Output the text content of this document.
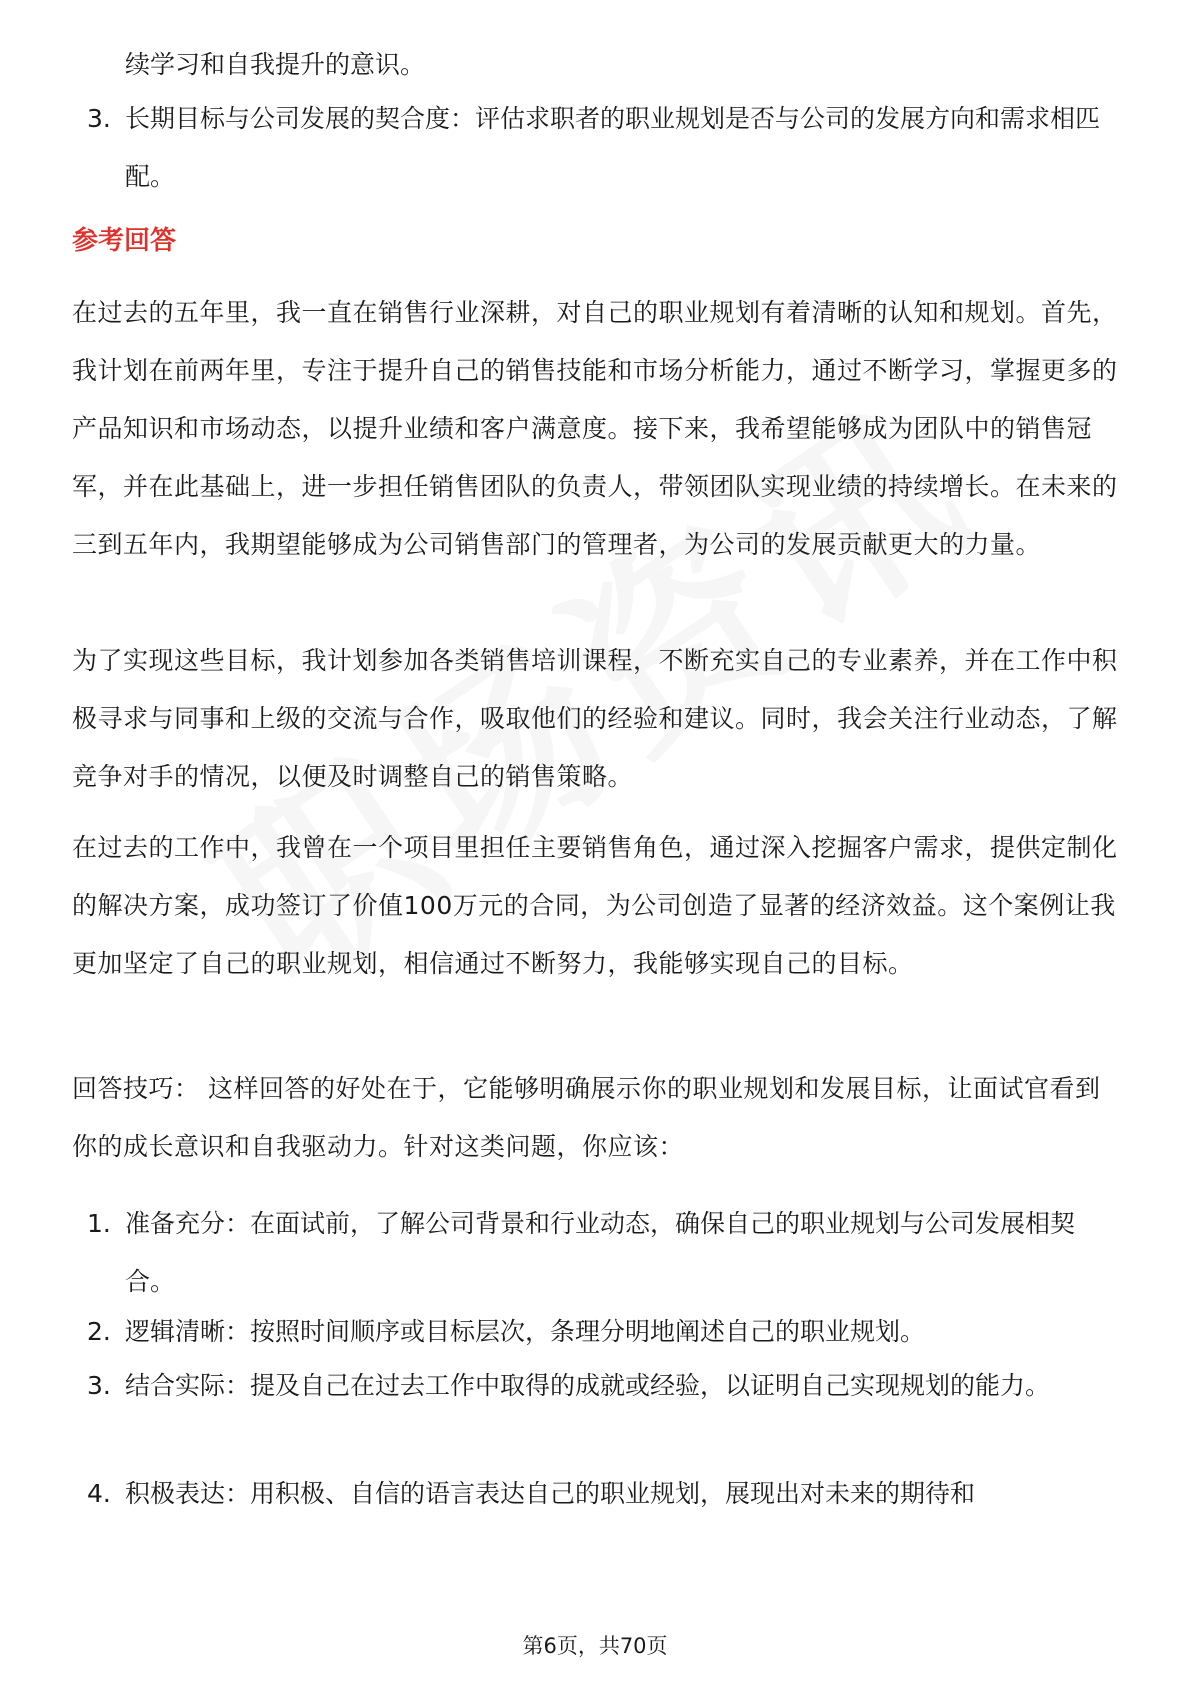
续学习和自我提升的意识。
3. 长期目标与公司发展的契合度：评估求职者的职业规划是否与公司的发展方向和需求相匹配。
参考回答
在过去的五年里，我一直在销售行业深耕，对自己的职业规划有着清晰的认知和规划。首先，我计划在前两年里，专注于提升自己的销售技能和市场分析能力，通过不断学习，掌握更多的产品知识和市场动态，以提升业绩和客户满意度。接下来，我希望能够成为团队中的销售冠军，并在此基础上，进一步担任销售团队的负责人，带领团队实现业绩的持续增长。在未来的三到五年内，我期望能够成为公司销售部门的管理者，为公司的发展贡献更大的力量。
为了实现这些目标，我计划参加各类销售培训课程，不断充实自己的专业素养，并在工作中积极寻求与同事和上级的交流与合作，吸取他们的经验和建议。同时，我会关注行业动态，了解竞争对手的情况，以便及时调整自己的销售策略。
在过去的工作中，我曾在一个项目里担任主要销售角色，通过深入挖掘客户需求，提供定制化的解决方案，成功签订了价值100万元的合同，为公司创造了显著的经济效益。这个案例让我更加坚定了自己的职业规划，相信通过不断努力，我能够实现自己的目标。
回答技巧： 这样回答的好处在于，它能够明确展示你的职业规划和发展目标，让面试官看到你的成长意识和自我驱动力。针对这类问题，你应该：
1. 准备充分：在面试前，了解公司背景和行业动态，确保自己的职业规划与公司发展相契合。
2. 逻辑清晰：按照时间顺序或目标层次，条理分明地阐述自己的职业规划。
3. 结合实际：提及自己在过去工作中取得的成就或经验，以证明自己实现规划的能力。
4. 积极表达：用积极、自信的语言表达自己的职业规划，展现出对未来的期待和
第6页，共70页
